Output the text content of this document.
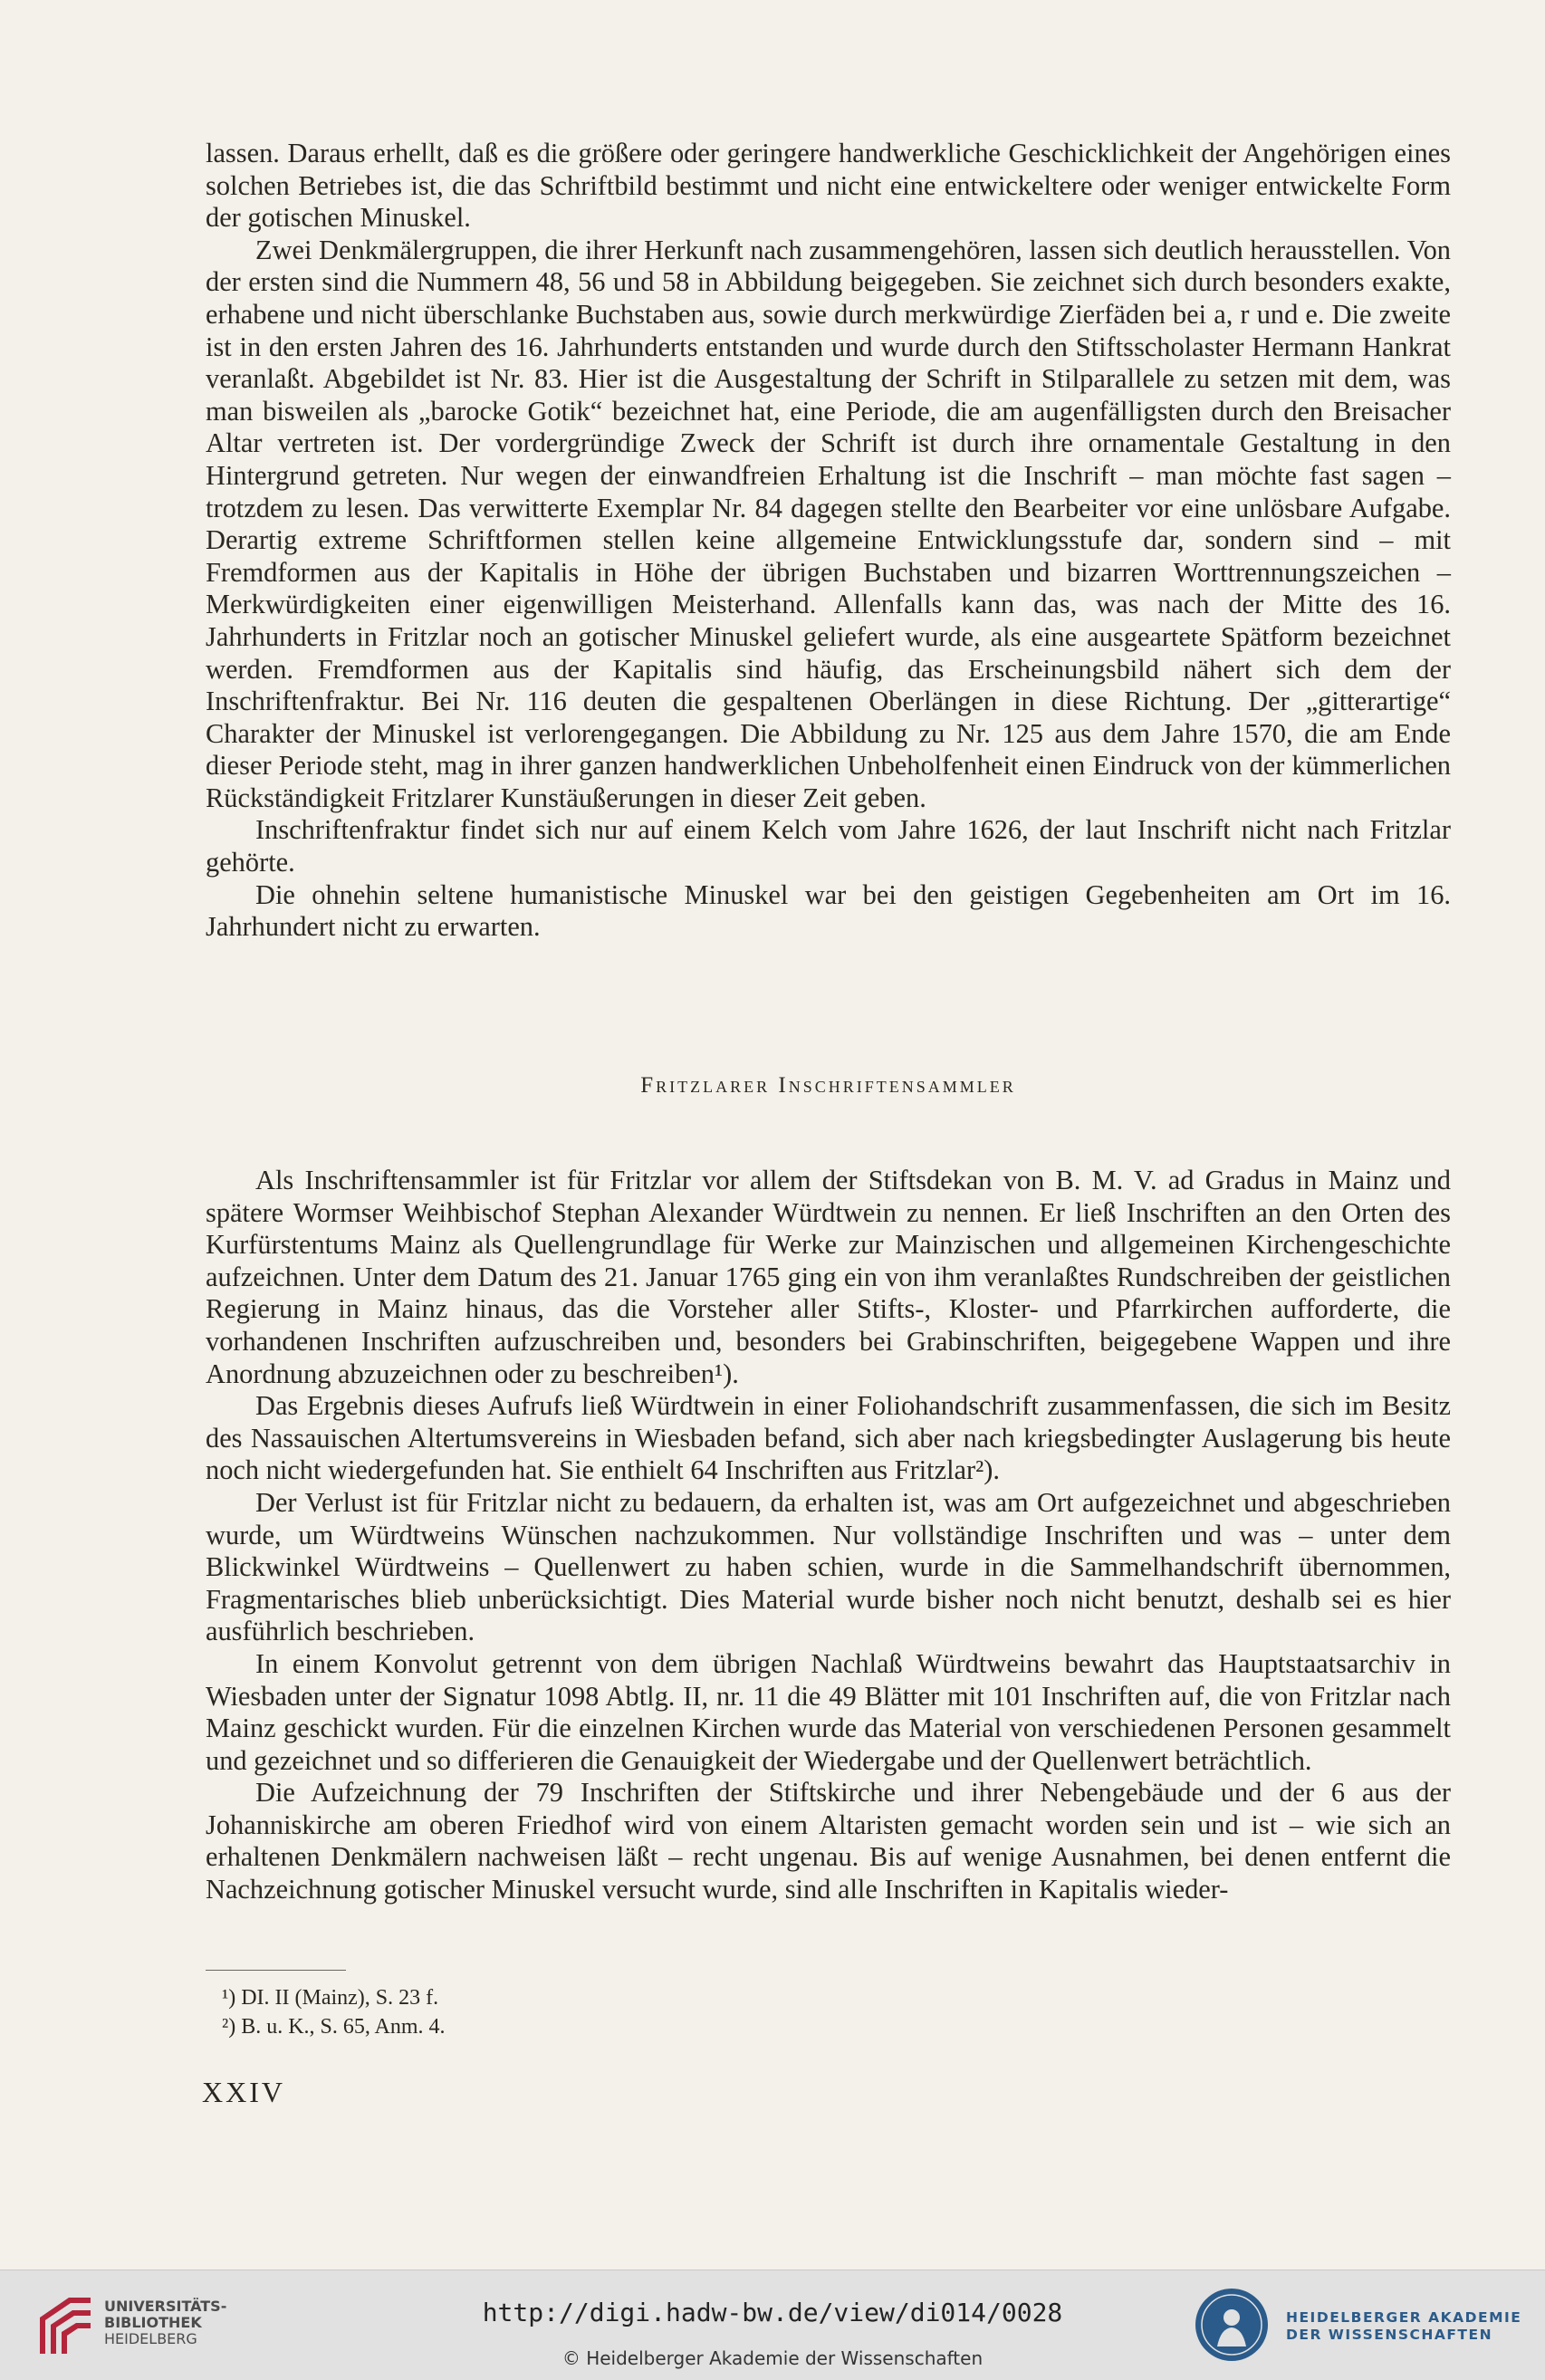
lassen. Daraus erhellt, daß es die größere oder geringere handwerkliche Geschicklichkeit der Angehörigen eines solchen Betriebes ist, die das Schriftbild bestimmt und nicht eine entwickeltere oder weniger entwickelte Form der gotischen Minuskel.

Zwei Denkmälergruppen, die ihrer Herkunft nach zusammengehören, lassen sich deutlich herausstellen. Von der ersten sind die Nummern 48, 56 und 58 in Abbildung beigegeben. Sie zeichnet sich durch besonders exakte, erhabene und nicht überschlanke Buchstaben aus, sowie durch merkwürdige Zierfäden bei a, r und e. Die zweite ist in den ersten Jahren des 16. Jahrhunderts entstanden und wurde durch den Stiftsscholaster Hermann Hankrat veranlaßt. Abgebildet ist Nr. 83. Hier ist die Ausgestaltung der Schrift in Stilparallele zu setzen mit dem, was man bisweilen als „barocke Gotik“ bezeichnet hat, eine Periode, die am augenfälligsten durch den Breisacher Altar vertreten ist. Der vordergründige Zweck der Schrift ist durch ihre ornamentale Gestaltung in den Hintergrund getreten. Nur wegen der einwandfreien Erhaltung ist die Inschrift – man möchte fast sagen – trotzdem zu lesen. Das verwitterte Exemplar Nr. 84 dagegen stellte den Bearbeiter vor eine unlösbare Aufgabe. Derartig extreme Schriftformen stellen keine allgemeine Entwicklungsstufe dar, sondern sind – mit Fremdformen aus der Kapitalis in Höhe der übrigen Buchstaben und bizarren Worttrennungszeichen – Merkwürdigkeiten einer eigenwilligen Meisterhand. Allenfalls kann das, was nach der Mitte des 16. Jahrhunderts in Fritzlar noch an gotischer Minuskel geliefert wurde, als eine ausgeartete Spätform bezeichnet werden. Fremdformen aus der Kapitalis sind häufig, das Erscheinungsbild nähert sich dem der Inschriftenfraktur. Bei Nr. 116 deuten die gespaltenen Oberlängen in diese Richtung. Der „gitterartige“ Charakter der Minuskel ist verlorengegangen. Die Abbildung zu Nr. 125 aus dem Jahre 1570, die am Ende dieser Periode steht, mag in ihrer ganzen handwerklichen Unbeholfenheit einen Eindruck von der kümmerlichen Rückständigkeit Fritzlarer Kunstäußerungen in dieser Zeit geben.

Inschriftenfraktur findet sich nur auf einem Kelch vom Jahre 1626, der laut Inschrift nicht nach Fritzlar gehörte.

Die ohnehin seltene humanistische Minuskel war bei den geistigen Gegebenheiten am Ort im 16. Jahrhundert nicht zu erwarten.

Fritzlarer Inschriftensammler

Als Inschriftensammler ist für Fritzlar vor allem der Stiftsdekan von B. M. V. ad Gradus in Mainz und spätere Wormser Weihbischof Stephan Alexander Würdtwein zu nennen. Er ließ Inschriften an den Orten des Kurfürstentums Mainz als Quellengrundlage für Werke zur Mainzischen und allgemeinen Kirchengeschichte aufzeichnen. Unter dem Datum des 21. Januar 1765 ging ein von ihm veranlaßtes Rundschreiben der geistlichen Regierung in Mainz hinaus, das die Vorsteher aller Stifts-, Kloster- und Pfarrkirchen aufforderte, die vorhandenen Inschriften aufzuschreiben und, besonders bei Grabinschriften, beigegebene Wappen und ihre Anordnung abzuzeichnen oder zu beschreiben¹).

Das Ergebnis dieses Aufrufs ließ Würdtwein in einer Foliohandschrift zusammenfassen, die sich im Besitz des Nassauischen Altertumsvereins in Wiesbaden befand, sich aber nach kriegsbedingter Auslagerung bis heute noch nicht wiedergefunden hat. Sie enthielt 64 Inschriften aus Fritzlar²).

Der Verlust ist für Fritzlar nicht zu bedauern, da erhalten ist, was am Ort aufgezeichnet und abgeschrieben wurde, um Würdtweins Wünschen nachzukommen. Nur vollständige Inschriften und was – unter dem Blickwinkel Würdtweins – Quellenwert zu haben schien, wurde in die Sammelhandschrift übernommen, Fragmentarisches blieb unberücksichtigt. Dies Material wurde bisher noch nicht benutzt, deshalb sei es hier ausführlich beschrieben.

In einem Konvolut getrennt von dem übrigen Nachlaß Würdtweins bewahrt das Hauptstaatsarchiv in Wiesbaden unter der Signatur 1098 Abtlg. II, nr. 11 die 49 Blätter mit 101 Inschriften auf, die von Fritzlar nach Mainz geschickt wurden. Für die einzelnen Kirchen wurde das Material von verschiedenen Personen gesammelt und gezeichnet und so differieren die Genauigkeit der Wiedergabe und der Quellenwert beträchtlich.

Die Aufzeichnung der 79 Inschriften der Stiftskirche und ihrer Nebengebäude und der 6 aus der Johanniskirche am oberen Friedhof wird von einem Altaristen gemacht worden sein und ist – wie sich an erhaltenen Denkmälern nachweisen läßt – recht ungenau. Bis auf wenige Ausnahmen, bei denen entfernt die Nachzeichnung gotischer Minuskel versucht wurde, sind alle Inschriften in Kapitalis wieder-

¹) DI. II (Mainz), S. 23 f.
²) B. u. K., S. 65, Anm. 4.
XXIV
UNIVERSITÄTS-
BIBLIOTHEK
HEIDELBERG
http://digi.hadw-bw.de/view/di014/0028
© Heidelberger Akademie der Wissenschaften
HEIDELBERGER AKADEMIE
DER WISSENSCHAFTEN
